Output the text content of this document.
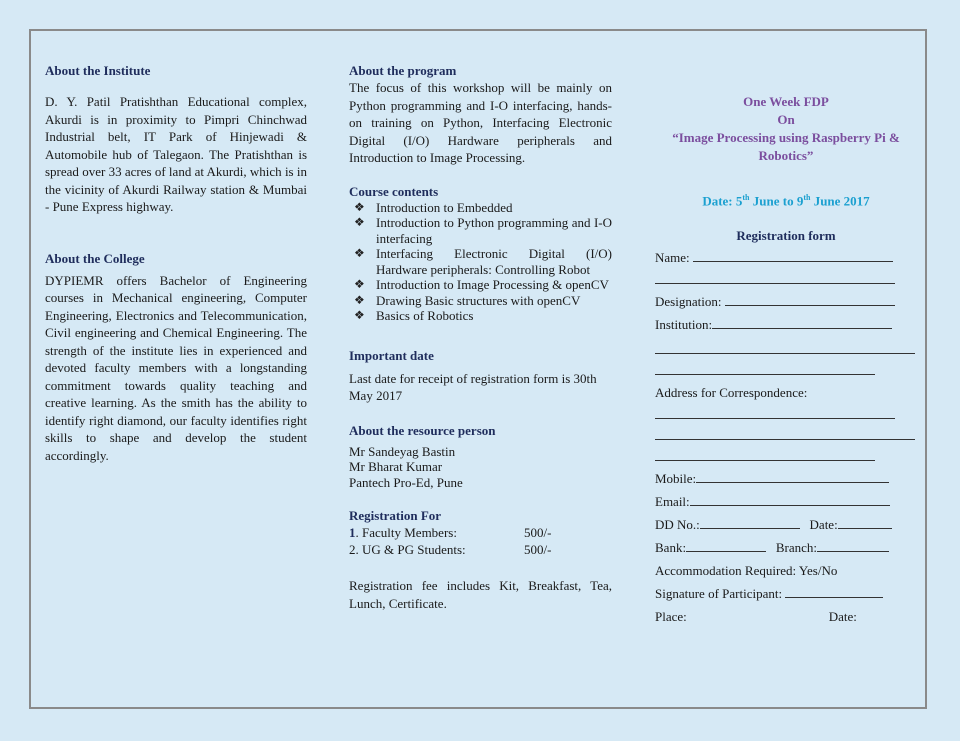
About the Institute

D. Y. Patil Pratishthan Educational complex, Akurdi is in proximity to Pimpri Chinchwad Industrial belt, IT Park of Hinjewadi & Automobile hub of Talegaon. The Pratishthan is spread over 33 acres of land at Akurdi, which is in the vicinity of Akurdi Railway station & Mumbai - Pune Express highway.

About the College

DYPIEMR offers Bachelor of Engineering courses in Mechanical engineering, Computer Engineering, Electronics and Telecommunication, Civil engineering and Chemical Engineering. The strength of the institute lies in experienced and devoted faculty members with a longstanding commitment towards quality teaching and creative learning. As the smith has the ability to identify right diamond, our faculty identifies right skills to shape and develop the student accordingly.

About the program

The focus of this workshop will be mainly on Python programming and I-O interfacing, hands-on training on Python, Interfacing Electronic Digital (I/O) Hardware peripherals and Introduction to Image Processing.

Course contents
❖ Introduction to Embedded
❖ Introduction to Python programming and I-O interfacing
❖ Interfacing Electronic Digital (I/O) Hardware peripherals: Controlling Robot
❖ Introduction to Image Processing & openCV
❖ Drawing Basic structures with openCV
❖ Basics of Robotics
Important date

Last date for receipt of registration form is 30th May 2017

About the resource person
Mr Sandeyag Bastin
Mr Bharat Kumar
Pantech Pro-Ed, Pune
Registration For
1. Faculty Members:	500/-
2. UG & PG Students:	500/-

Registration fee includes Kit, Breakfast, Tea, Lunch, Certificate.

One Week FDP
On
“Image Processing using Raspberry Pi & Robotics”
Date: 5th June to 9th June 2017
Registration form
Name:
Designation:
Institution:
Address for Correspondence:
Mobile:
Email:
DD No.:	Date:
Bank:	Branch:
Accommodation Required: Yes/No
Signature of Participant:
Place:	Date:
